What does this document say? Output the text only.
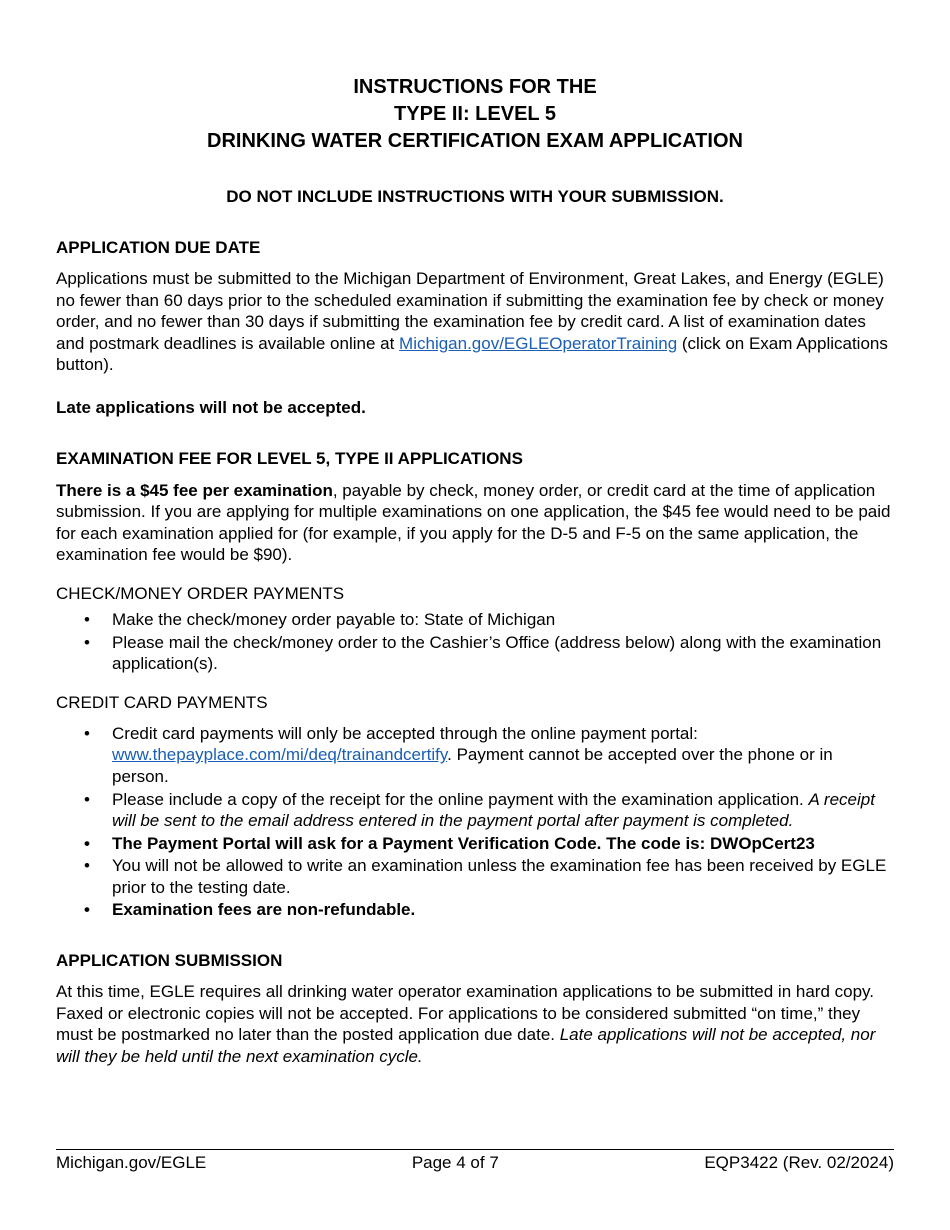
INSTRUCTIONS FOR THE
TYPE II: LEVEL 5
DRINKING WATER CERTIFICATION EXAM APPLICATION
DO NOT INCLUDE INSTRUCTIONS WITH YOUR SUBMISSION.
APPLICATION DUE DATE

Applications must be submitted to the Michigan Department of Environment, Great Lakes, and Energy (EGLE) no fewer than 60 days prior to the scheduled examination if submitting the examination fee by check or money order, and no fewer than 30 days if submitting the examination fee by credit card. A list of examination dates and postmark deadlines is available online at Michigan.gov/EGLEOperatorTraining (click on Exam Applications button).

Late applications will not be accepted.

EXAMINATION FEE FOR LEVEL 5, TYPE II APPLICATIONS

There is a $45 fee per examination, payable by check, money order, or credit card at the time of application submission. If you are applying for multiple examinations on one application, the $45 fee would need to be paid for each examination applied for (for example, if you apply for the D-5 and F-5 on the same application, the examination fee would be $90).

CHECK/MONEY ORDER PAYMENTS
• Make the check/money order payable to: State of Michigan
• Please mail the check/money order to the Cashier’s Office (address below) along with the examination application(s).
CREDIT CARD PAYMENTS
• Credit card payments will only be accepted through the online payment portal: www.thepayplace.com/mi/deq/trainandcertify. Payment cannot be accepted over the phone or in person.
• Please include a copy of the receipt for the online payment with the examination application. A receipt will be sent to the email address entered in the payment portal after payment is completed.
• The Payment Portal will ask for a Payment Verification Code. The code is: DWOpCert23
• You will not be allowed to write an examination unless the examination fee has been received by EGLE prior to the testing date.
• Examination fees are non-refundable.
APPLICATION SUBMISSION

At this time, EGLE requires all drinking water operator examination applications to be submitted in hard copy. Faxed or electronic copies will not be accepted. For applications to be considered submitted “on time,” they must be postmarked no later than the posted application due date. Late applications will not be accepted, nor will they be held until the next examination cycle.

Michigan.gov/EGLE	Page 4 of 7	EQP3422 (Rev. 02/2024)
